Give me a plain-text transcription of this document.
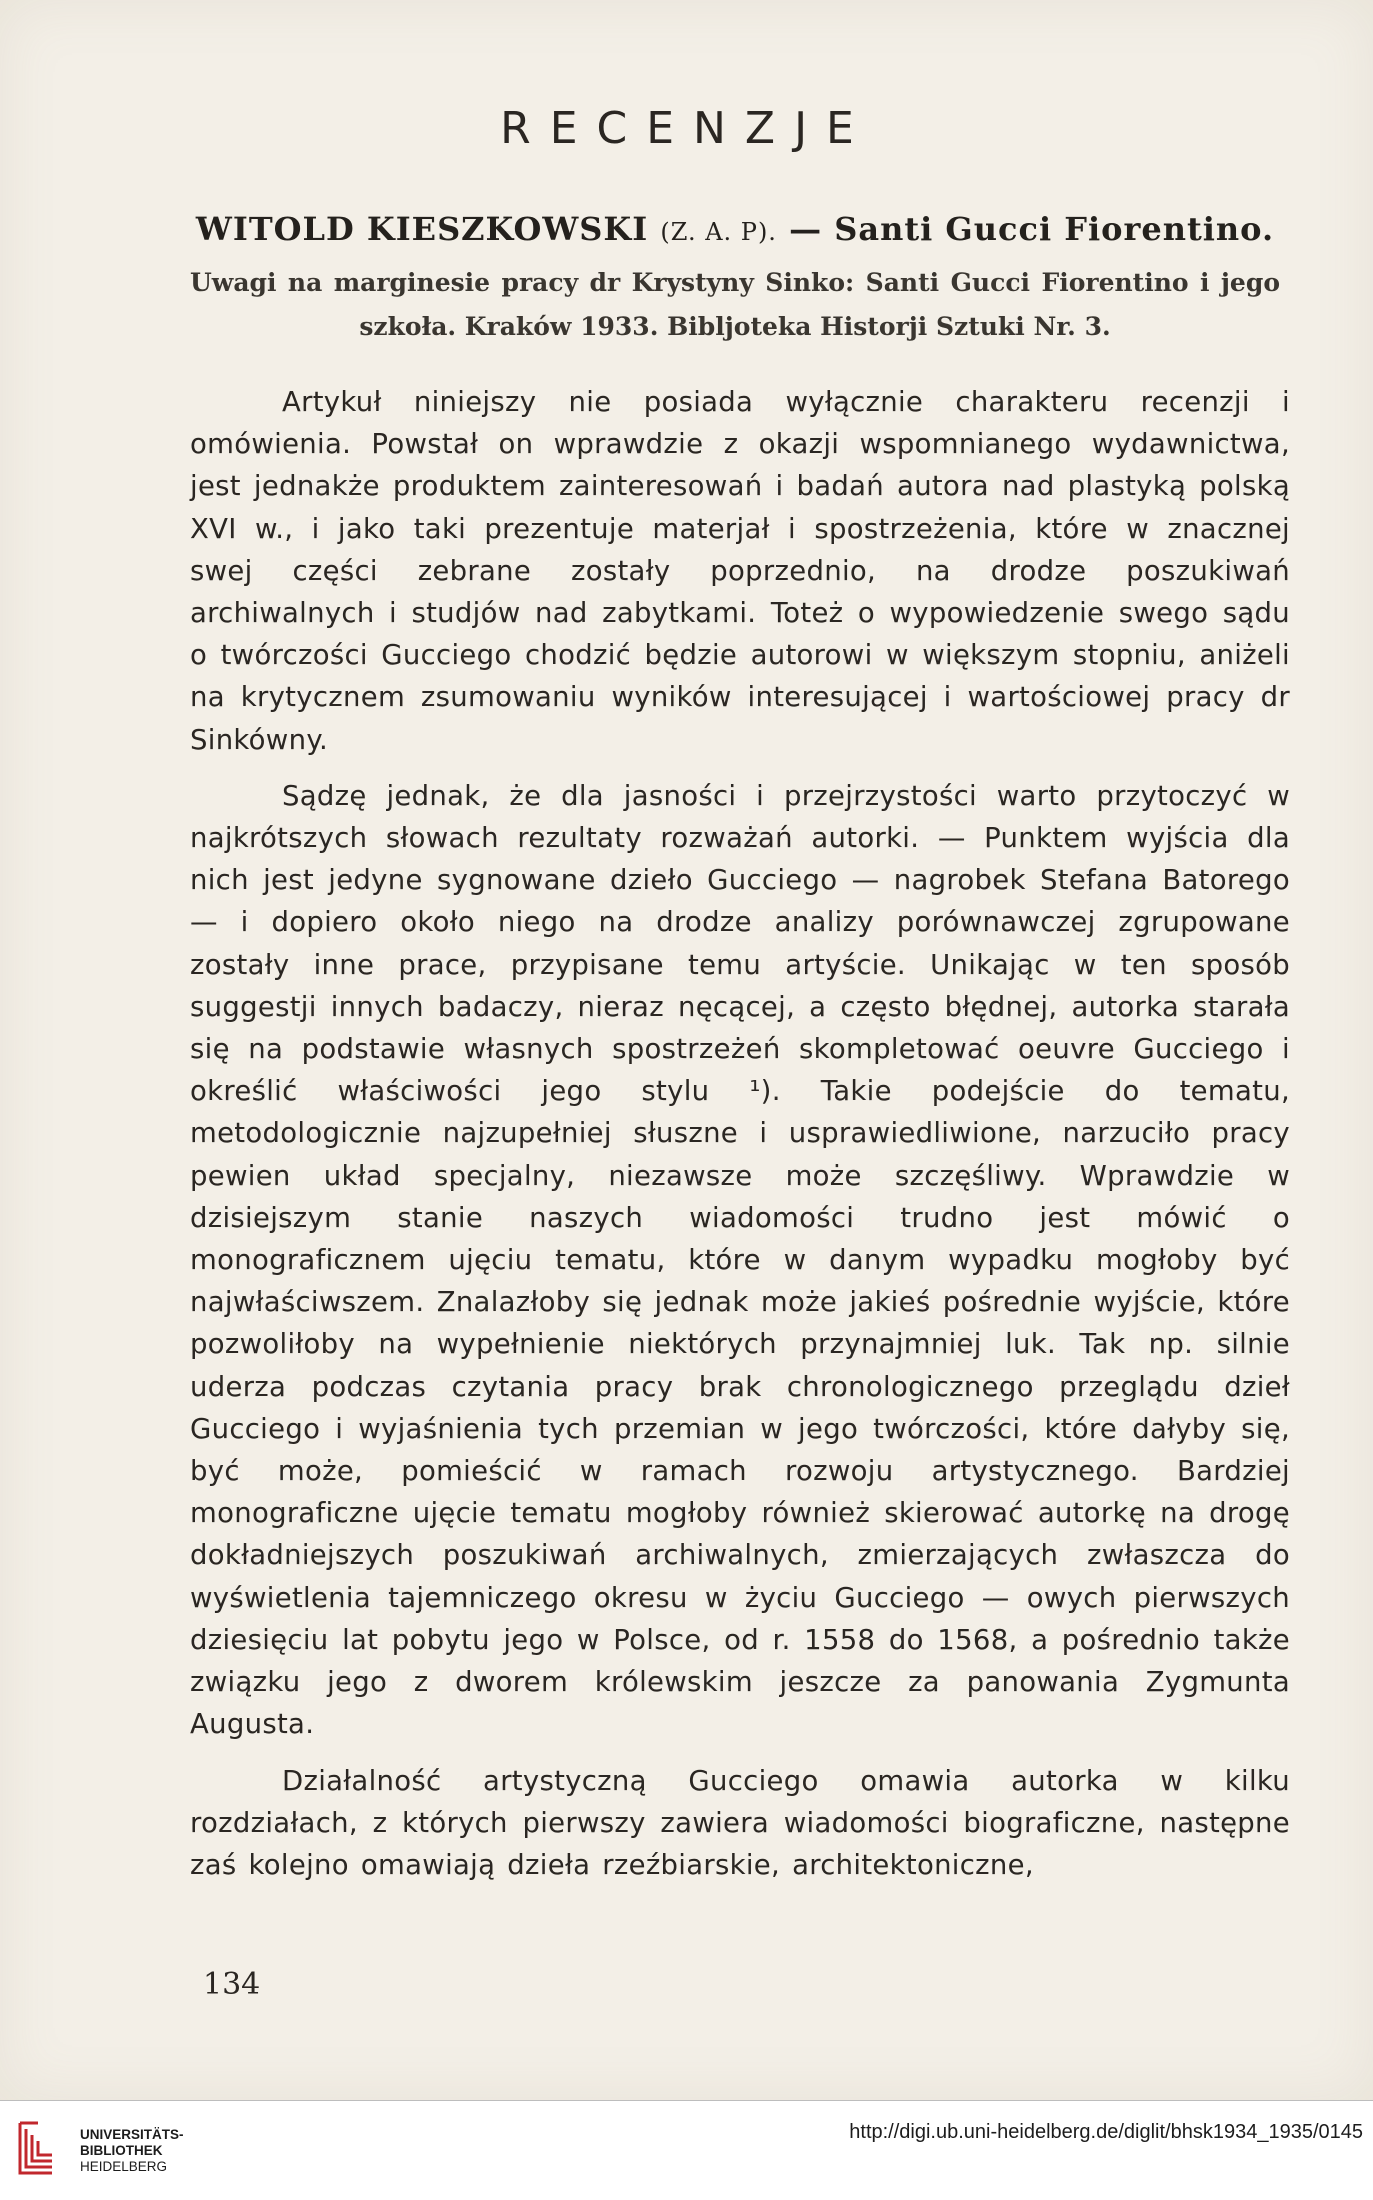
RECENZJE
WITOLD KIESZKOWSKI (Z. A. P). — Santi Gucci Fiorentino.
Uwagi na marginesie pracy dr Krystyny Sinko: Santi Gucci Fiorentino i jego szkoła. Kraków 1933. Bibljoteka Historji Sztuki Nr. 3.

Artykuł niniejszy nie posiada wyłącznie charakteru recenzji i omówienia. Powstał on wprawdzie z okazji wspomnianego wydawnictwa, jest jednakże produktem zainteresowań i badań autora nad plastyką polską XVI w., i jako taki prezentuje materjał i spostrzeżenia, które w znacznej swej części zebrane zostały poprzednio, na drodze poszukiwań archiwalnych i studjów nad zabytkami. Toteż o wypowiedzenie swego sądu o twórczości Gucciego chodzić będzie autorowi w większym stopniu, aniżeli na krytycznem zsumowaniu wyników interesującej i wartościowej pracy dr Sinkówny.

Sądzę jednak, że dla jasności i przejrzystości warto przytoczyć w najkrótszych słowach rezultaty rozważań autorki. — Punktem wyjścia dla nich jest jedyne sygnowane dzieło Gucciego — nagrobek Stefana Batorego — i dopiero około niego na drodze analizy porównawczej zgrupowane zostały inne prace, przypisane temu artyście. Unikając w ten sposób suggestji innych badaczy, nieraz nęcącej, a często błędnej, autorka starała się na podstawie własnych spostrzeżeń skompletować oeuvre Gucciego i określić właściwości jego stylu ¹). Takie podejście do tematu, metodologicznie najzupełniej słuszne i usprawiedliwione, narzuciło pracy pewien układ specjalny, niezawsze może szczęśliwy. Wprawdzie w dzisiejszym stanie naszych wiadomości trudno jest mówić o monograficznem ujęciu tematu, które w danym wypadku mogłoby być najwłaściwszem. Znalazłoby się jednak może jakieś pośrednie wyjście, które pozwoliłoby na wypełnienie niektórych przynajmniej luk. Tak np. silnie uderza podczas czytania pracy brak chronologicznego przeglądu dzieł Gucciego i wyjaśnienia tych przemian w jego twórczości, które dałyby się, być może, pomieścić w ramach rozwoju artystycznego. Bardziej monograficzne ujęcie tematu mogłoby również skierować autorkę na drogę dokładniejszych poszukiwań archiwalnych, zmierzających zwłaszcza do wyświetlenia tajemniczego okresu w życiu Gucciego — owych pierwszych dziesięciu lat pobytu jego w Polsce, od r. 1558 do 1568, a pośrednio także związku jego z dworem królewskim jeszcze za panowania Zygmunta Augusta.

Działalność artystyczną Gucciego omawia autorka w kilku rozdziałach, z których pierwszy zawiera wiadomości biograficzne, następne zaś kolejno omawiają dzieła rzeźbiarskie, architektoniczne,

134
UNIVERSITÄTS-
BIBLIOTHEK
HEIDELBERG
http://digi.ub.uni-heidelberg.de/diglit/bhsk1934_1935/0145
